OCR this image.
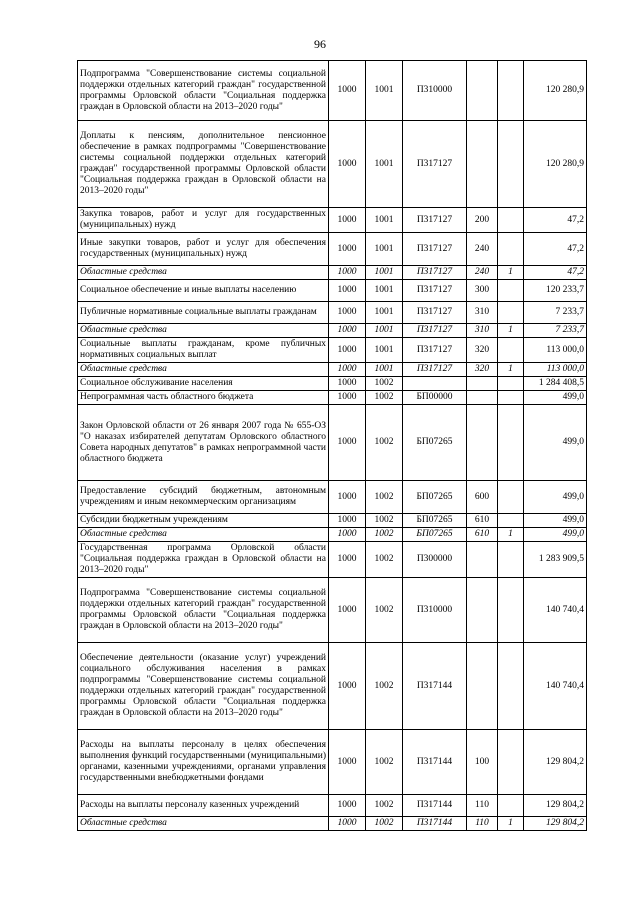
96
Подпрограмма "Совершенствование системы социальной поддержки отдельных категорий граждан" государственной программы Орловской области "Социальная поддержка граждан в Орловской области на 2013–2020 годы"	1000	1001	П310000			120 280,9
Доплаты к пенсиям, дополнительное пенсионное обеспечение в рамках подпрограммы "Совершенствование системы социальной поддержки отдельных категорий граждан" государственной программы Орловской области "Социальная поддержка граждан в Орловской области на 2013–2020 годы"	1000	1001	П317127			120 280,9
Закупка товаров, работ и услуг для государственных (муниципальных) нужд	1000	1001	П317127	200		47,2
Иные закупки товаров, работ и услуг для обеспечения государственных (муниципальных) нужд	1000	1001	П317127	240		47,2
Областные средства	1000	1001	П317127	240	1	47,2
Социальное обеспечение и иные выплаты населению	1000	1001	П317127	300		120 233,7
Публичные нормативные социальные выплаты гражданам	1000	1001	П317127	310		7 233,7
Областные средства	1000	1001	П317127	310	1	7 233,7
Социальные выплаты гражданам, кроме публичных нормативных социальных выплат	1000	1001	П317127	320		113 000,0
Областные средства	1000	1001	П317127	320	1	113 000,0
Социальное обслуживание населения	1000	1002				1 284 408,5
Непрограммная часть областного бюджета	1000	1002	БП00000			499,0
Закон Орловской области от 26 января 2007 года № 655-ОЗ "О наказах избирателей депутатам Орловского областного Совета народных депутатов" в рамках непрограммной части областного бюджета	1000	1002	БП07265			499,0
Предоставление субсидий бюджетным, автономным учреждениям и иным некоммерческим организациям	1000	1002	БП07265	600		499,0
Субсидии бюджетным учреждениям	1000	1002	БП07265	610		499,0
Областные средства	1000	1002	БП07265	610	1	499,0
Государственная программа Орловской области "Социальная поддержка граждан в Орловской области на 2013–2020 годы"	1000	1002	П300000			1 283 909,5
Подпрограмма "Совершенствование системы социальной поддержки отдельных категорий граждан" государственной программы Орловской области "Социальная поддержка граждан в Орловской области на 2013–2020 годы"	1000	1002	П310000			140 740,4
Обеспечение деятельности (оказание услуг) учреждений социального обслуживания населения в рамках подпрограммы "Совершенствование системы социальной поддержки отдельных категорий граждан" государственной программы Орловской области "Социальная поддержка граждан в Орловской области на 2013–2020 годы"	1000	1002	П317144			140 740,4
Расходы на выплаты персоналу в целях обеспечения выполнения функций государственными (муниципальными) органами, казенными учреждениями, органами управления государственными внебюджетными фондами	1000	1002	П317144	100		129 804,2
Расходы на выплаты персоналу казенных учреждений	1000	1002	П317144	110		129 804,2
Областные средства	1000	1002	П317144	110	1	129 804,2
